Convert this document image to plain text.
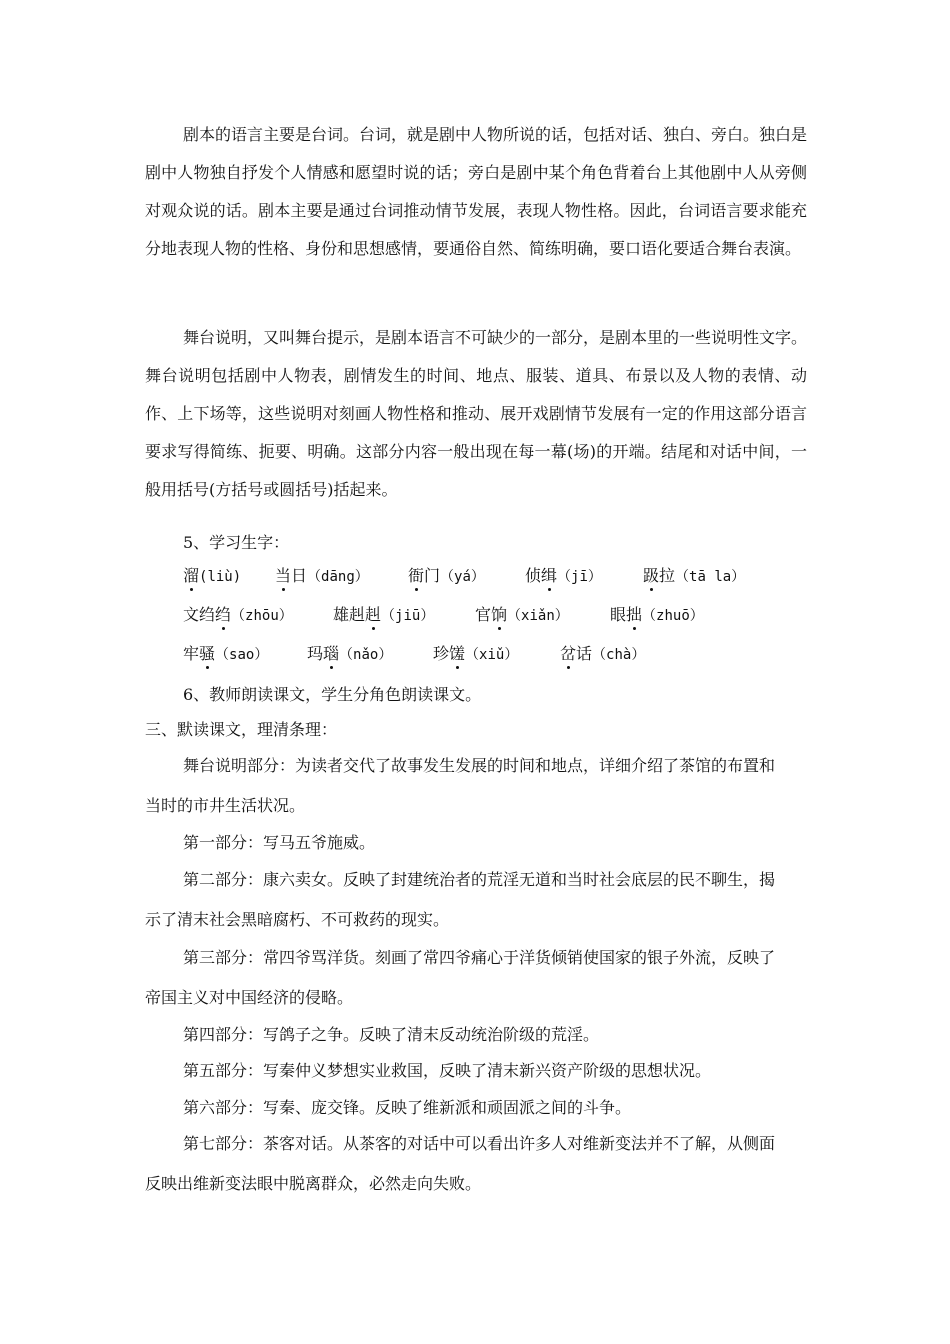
剧本的语言主要是台词。台词，就是剧中人物所说的话，包括对话、独白、旁白。独白是剧中人物独自抒发个人情感和愿望时说的话；旁白是剧中某个角色背着台上其他剧中人从旁侧对观众说的话。剧本主要是通过台词推动情节发展，表现人物性格。因此，台词语言要求能充分地表现人物的性格、身份和思想感情，要通俗自然、简练明确，要口语化要适合舞台表演。

舞台说明，又叫舞台提示，是剧本语言不可缺少的一部分，是剧本里的一些说明性文字。舞台说明包括剧中人物表，剧情发生的时间、地点、服装、道具、布景以及人物的表情、动作、上下场等，这些说明对刻画人物性格和推动、展开戏剧情节发展有一定的作用这部分语言要求写得简练、扼要、明确。这部分内容一般出现在每一幕(场)的开端。结尾和对话中间，一般用括号(方括号或圆括号)括起来。

5、学习生字：

溜(liù) 当日（dāng） 衙门（yá）	侦缉（jī）	趿拉（tā la）
文绉绉（zhōu）	雄赳赳（jiū）	官饷（xiǎn）	眼拙（zhuō）
牢骚（sao） 玛瑙（nǎo）	珍馐（xiǔ）	岔话（chà）

6、教师朗读课文，学生分角色朗读课文。

三、默读课文，理清条理：

舞台说明部分：为读者交代了故事发生发展的时间和地点，详细介绍了茶馆的布置和

当时的市井生活状况。

第一部分：写马五爷施威。

第二部分：康六卖女。反映了封建统治者的荒淫无道和当时社会底层的民不聊生，揭

示了清末社会黑暗腐朽、不可救药的现实。

第三部分：常四爷骂洋货。刻画了常四爷痛心于洋货倾销使国家的银子外流，反映了

帝国主义对中国经济的侵略。

第四部分：写鸽子之争。反映了清末反动统治阶级的荒淫。

第五部分：写秦仲义梦想实业救国，反映了清末新兴资产阶级的思想状况。

第六部分：写秦、庞交锋。反映了维新派和顽固派之间的斗争。

第七部分：茶客对话。从茶客的对话中可以看出许多人对维新变法并不了解，从侧面

反映出维新变法眼中脱离群众，必然走向失败。
